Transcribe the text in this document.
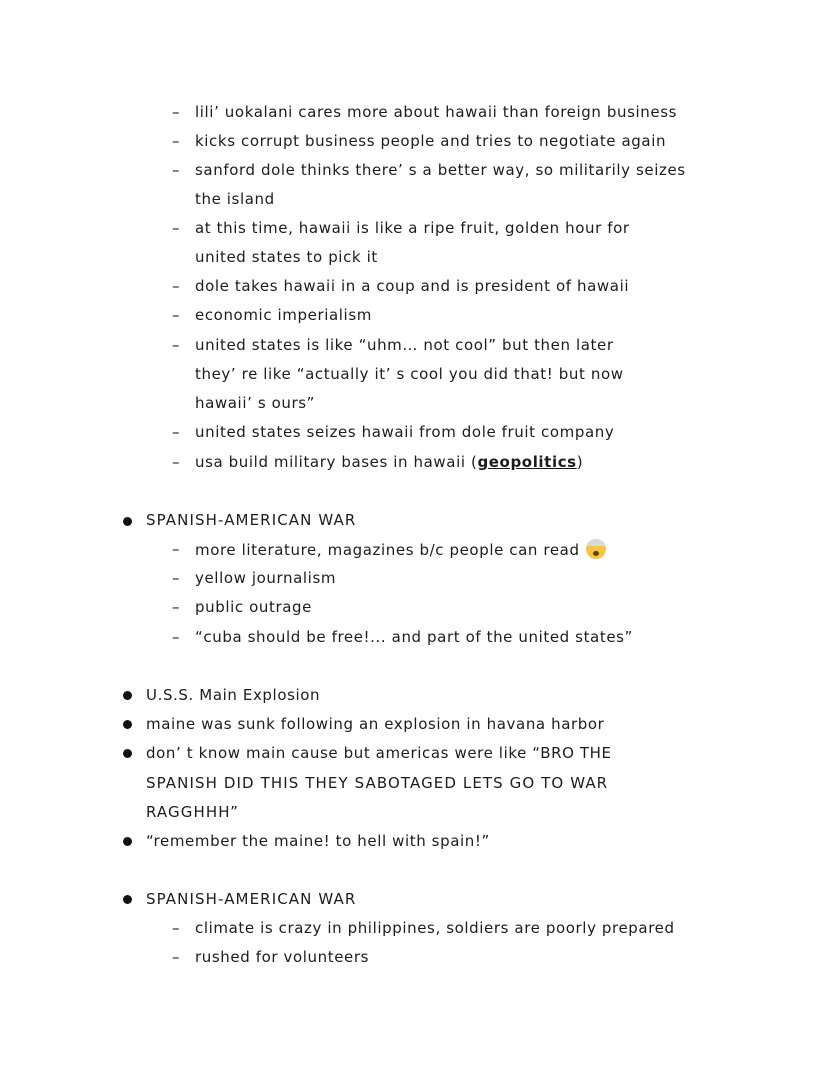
– lili’ uokalani cares more about hawaii than foreign business
– kicks corrupt business people and tries to negotiate again
– sanford dole thinks there’ s a better way, so militarily seizes
the island
– at this time, hawaii is like a ripe fruit, golden hour for
united states to pick it
– dole takes hawaii in a coup and is president of hawaii
– economic imperialism
– united states is like “uhm… not cool” but then later
they’ re like “actually it’ s cool you did that! but now
hawaii’ s ours”
– united states seizes hawaii from dole fruit company
– usa build military bases in hawaii (geopolitics)
SPANISH-AMERICAN WAR
– more literature, magazines b/c people can read
– yellow journalism
– public outrage
– “cuba should be free!... and part of the united states”
U.S.S. Main Explosion
maine was sunk following an explosion in havana harbor
don’ t know main cause but americas were like “BRO THE
SPANISH DID THIS THEY SABOTAGED LETS GO TO WAR
RAGGHHH”
“remember the maine! to hell with spain!”
SPANISH-AMERICAN WAR
– climate is crazy in philippines, soldiers are poorly prepared
– rushed for volunteers
